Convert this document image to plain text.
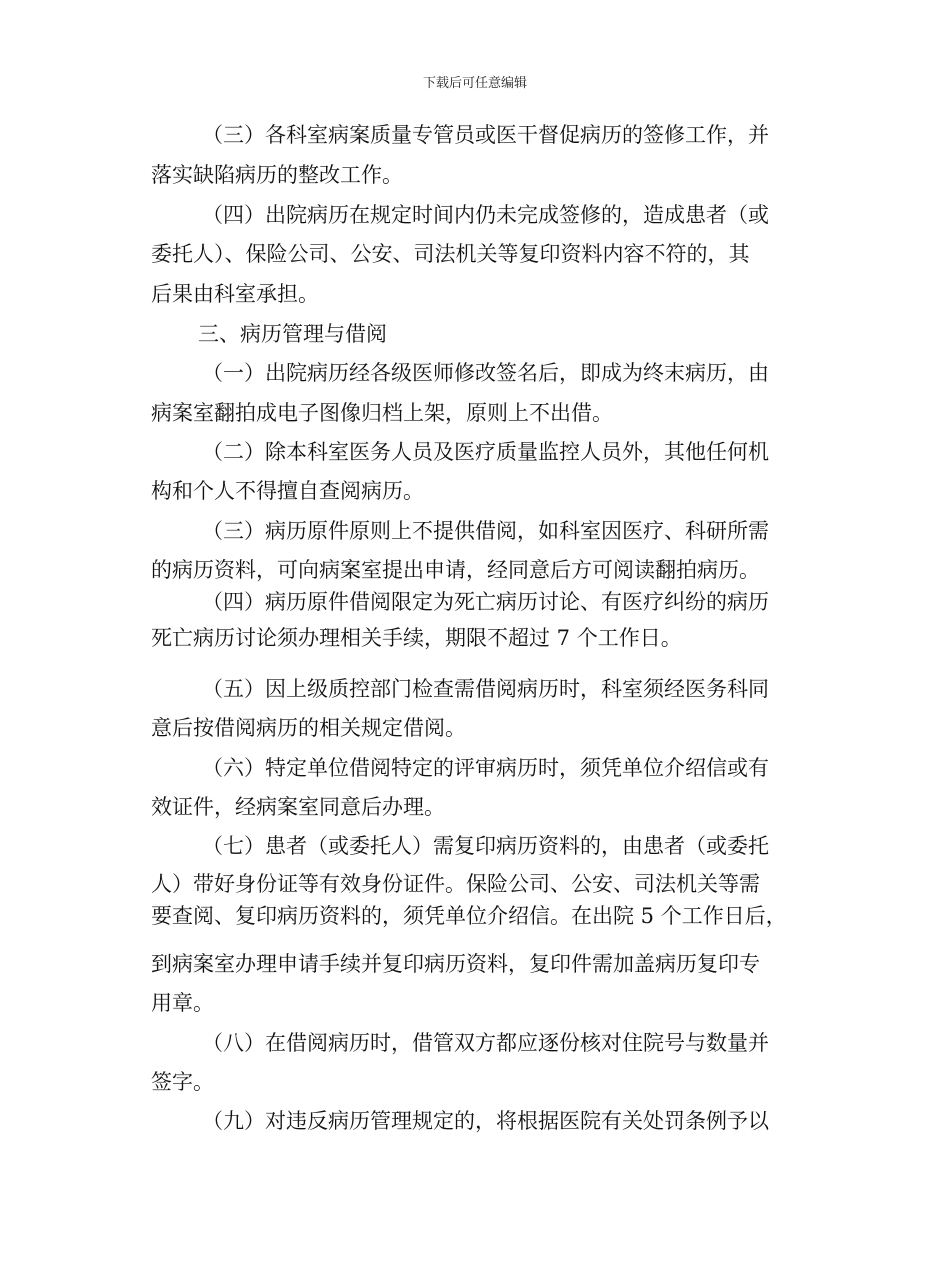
下载后可任意编辑
（三）各科室病案质量专管员或医干督促病历的签修工作，并
落实缺陷病历的整改工作。
（四）出院病历在规定时间内仍未完成签修的，造成患者（或
委托人）、保险公司、公安、司法机关等复印资料内容不符的，其
后果由科室承担。
三、病历管理与借阅
（一）出院病历经各级医师修改签名后，即成为终末病历，由
病案室翻拍成电子图像归档上架，原则上不出借。
（二）除本科室医务人员及医疗质量监控人员外，其他任何机
构和个人不得擅自查阅病历。
（三）病历原件原则上不提供借阅，如科室因医疗、科研所需
的病历资料，可向病案室提出申请，经同意后方可阅读翻拍病历。
（四）病历原件借阅限定为死亡病历讨论、有医疗纠纷的病历
死亡病历讨论须办理相关手续，期限不超过 7 个工作日。
（五）因上级质控部门检查需借阅病历时，科室须经医务科同
意后按借阅病历的相关规定借阅。
（六）特定单位借阅特定的评审病历时，须凭单位介绍信或有
效证件，经病案室同意后办理。
（七）患者（或委托人）需复印病历资料的，由患者（或委托
人）带好身份证等有效身份证件。保险公司、公安、司法机关等需
要查阅、复印病历资料的，须凭单位介绍信。在出院 5 个工作日后，
到病案室办理申请手续并复印病历资料，复印件需加盖病历复印专
用章。
（八）在借阅病历时，借管双方都应逐份核对住院号与数量并
签字。
（九）对违反病历管理规定的，将根据医院有关处罚条例予以
